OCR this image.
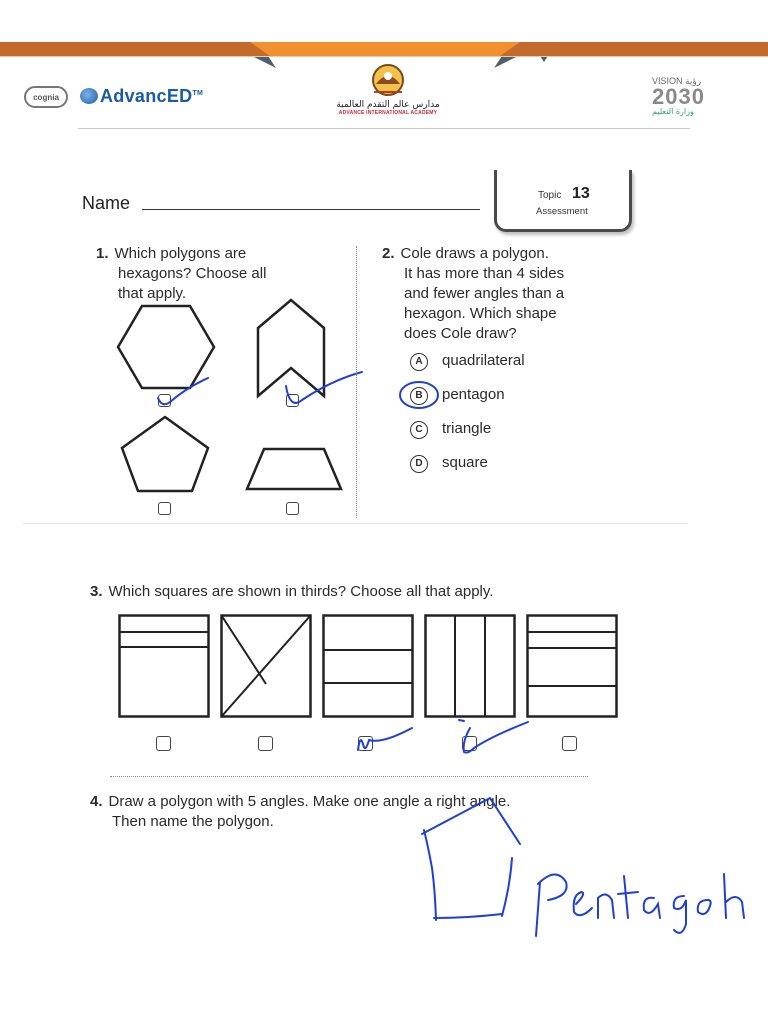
cognia	AdvancED™
مدارس عالم التقدم العالمية
ADVANCE INTERNATIONAL ACADEMY
VISION رؤية
2030
وزارة التعليم
Name	Topic 13
Assessment
1. Which polygons are
hexagons? Choose all
that apply.
2. Cole draws a polygon.
It has more than 4 sides
and fewer angles than a
hexagon. Which shape
does Cole draw?
A quadrilateral
B pentagon
C triangle
D square
3. Which squares are shown in thirds? Choose all that apply.
4. Draw a polygon with 5 angles. Make one angle a right angle.
Then name the polygon.
